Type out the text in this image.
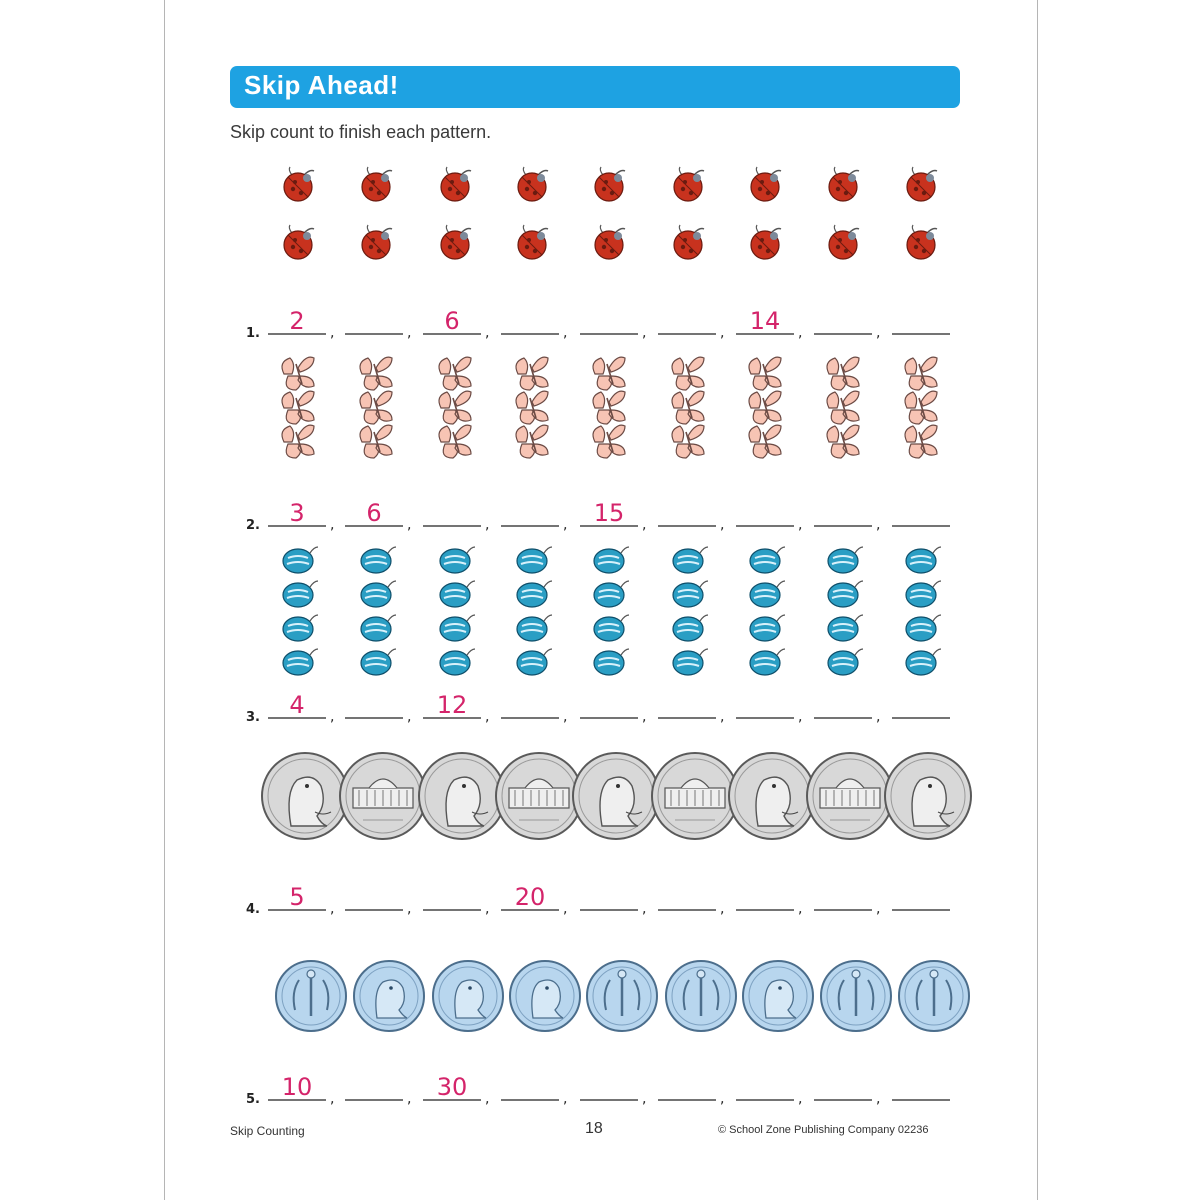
Skip Ahead!
Skip count to finish each pattern.
1.	,
2	,	,
6	,	,	,	,
14	,
2.	,
3	,
6	,	,	,
15	,	,	,
3.	,
4	,	,
12	,	,	,	,	,
4.	,
5	,	,	,
20	,	,	,	,
5.	,
10	,	,
30	,	,	,	,	,
Skip Counting	18	© School Zone Publishing Company 02236
